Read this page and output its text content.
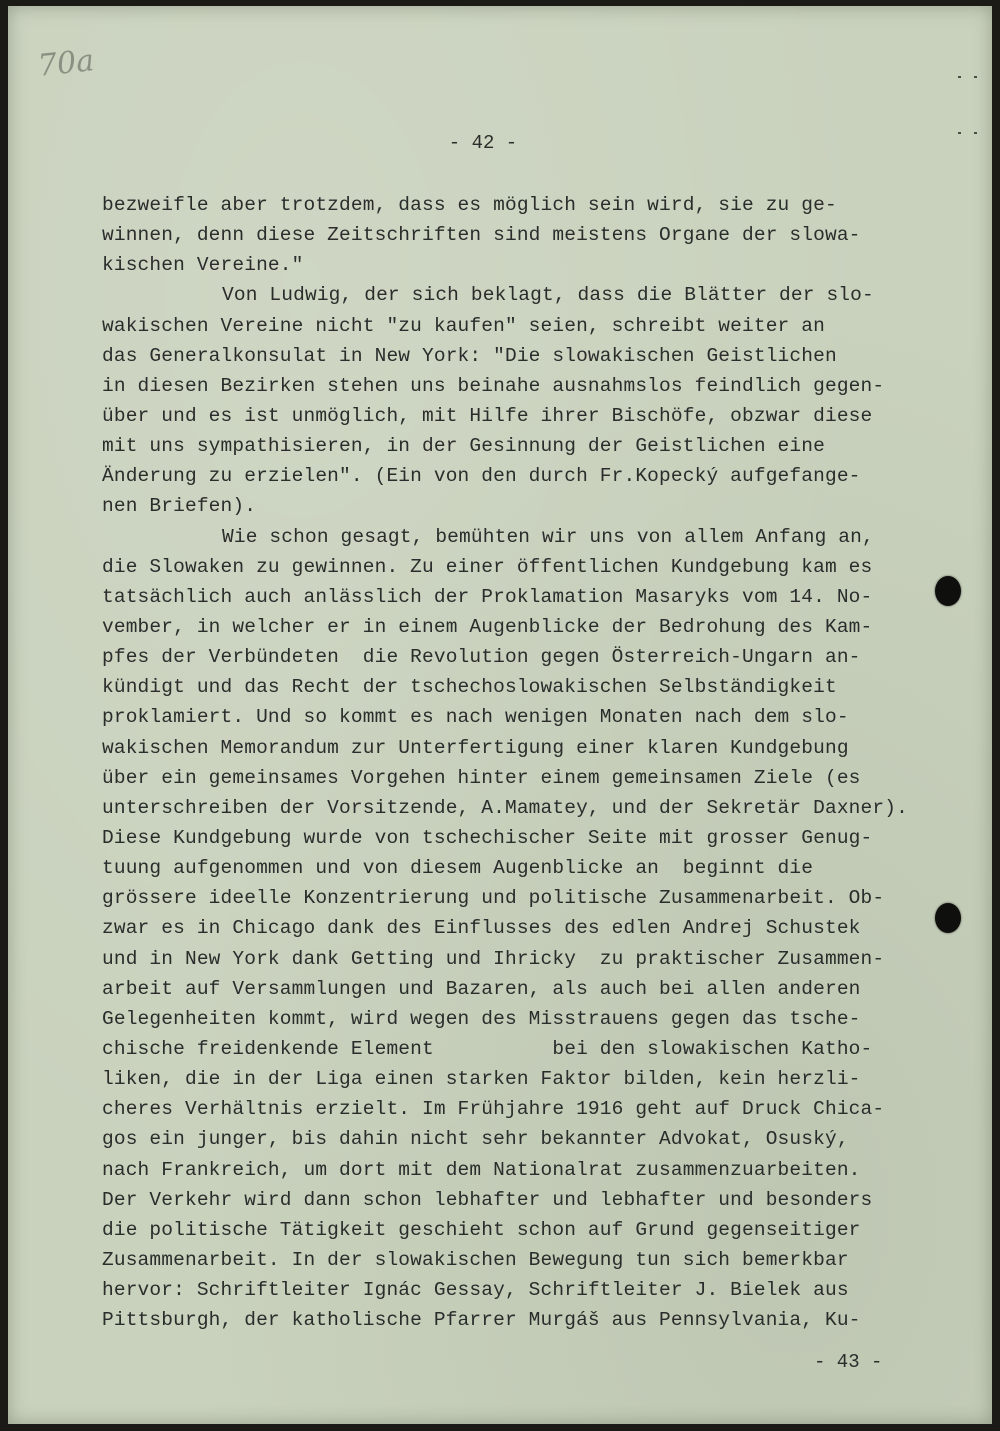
70a
- 42 -
bezweifle aber trotzdem, dass es möglich sein wird, sie zu ge-
winnen, denn diese Zeitschriften sind meistens Organe der slowa-
kischen Vereine."
Von Ludwig, der sich beklagt, dass die Blätter der slo-
wakischen Vereine nicht "zu kaufen" seien, schreibt weiter an
das Generalkonsulat in New York: "Die slowakischen Geistlichen
in diesen Bezirken stehen uns beinahe ausnahmslos feindlich gegen-
über und es ist unmöglich, mit Hilfe ihrer Bischöfe, obzwar diese
mit uns sympathisieren, in der Gesinnung der Geistlichen eine
Änderung zu erzielen". (Ein von den durch Fr.Kopecký aufgefange-
nen Briefen).
Wie schon gesagt, bemühten wir uns von allem Anfang an,
die Slowaken zu gewinnen. Zu einer öffentlichen Kundgebung kam es
tatsächlich auch anlässlich der Proklamation Masaryks vom 14. No-
vember, in welcher er in einem Augenblicke der Bedrohung des Kam-
pfes der Verbündeten  die Revolution gegen Österreich-Ungarn an-
kündigt und das Recht der tschechoslowakischen Selbständigkeit
proklamiert. Und so kommt es nach wenigen Monaten nach dem slo-
wakischen Memorandum zur Unterfertigung einer klaren Kundgebung
über ein gemeinsames Vorgehen hinter einem gemeinsamen Ziele (es
unterschreiben der Vorsitzende, A.Mamatey, und der Sekretär Daxner).
Diese Kundgebung wurde von tschechischer Seite mit grosser Genug-
tuung aufgenommen und von diesem Augenblicke an  beginnt die
grössere ideelle Konzentrierung und politische Zusammenarbeit. Ob-
zwar es in Chicago dank des Einflusses des edlen Andrej Schustek
und in New York dank Getting und Ihricky  zu praktischer Zusammen-
arbeit auf Versammlungen und Bazaren, als auch bei allen anderen
Gelegenheiten kommt, wird wegen des Misstrauens gegen das tsche-
chische freidenkende Element          bei den slowakischen Katho-
liken, die in der Liga einen starken Faktor bilden, kein herzli-
cheres Verhältnis erzielt. Im Frühjahre 1916 geht auf Druck Chica-
gos ein junger, bis dahin nicht sehr bekannter Advokat, Osuský,
nach Frankreich, um dort mit dem Nationalrat zusammenzuarbeiten.
Der Verkehr wird dann schon lebhafter und lebhafter und besonders
die politische Tätigkeit geschieht schon auf Grund gegenseitiger
Zusammenarbeit. In der slowakischen Bewegung tun sich bemerkbar
hervor: Schriftleiter Ignác Gessay, Schriftleiter J. Bielek aus
Pittsburgh, der katholische Pfarrer Murgáš aus Pennsylvania, Ku-
- 43 -
